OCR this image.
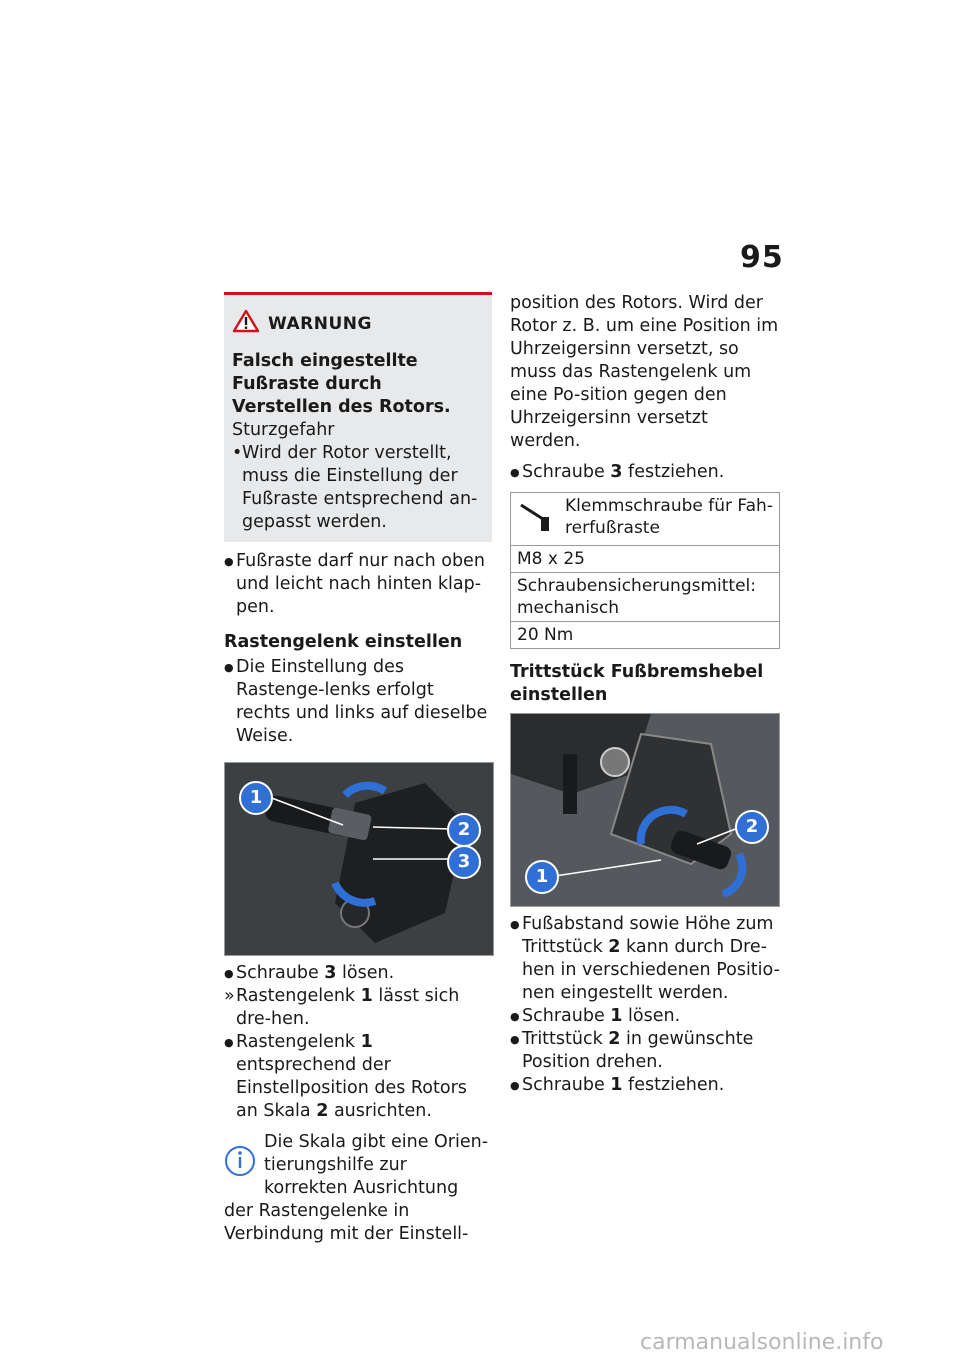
95
WARNUNG
Falsch eingestellte Fußraste durch Verstellen des Rotors.
Sturzgefahr

• Wird der Rotor verstellt, muss die Einstellung der Fußraste entsprechend an-gepasst werden.

● Fußraste darf nur nach oben und leicht nach hinten klap-pen.

Rastengelenk einstellen

● Die Einstellung des Rastenge-lenks erfolgt rechts und links auf dieselbe Weise.

1
2
3

● Schraube 3 lösen.

» Rastengelenk 1 lässt sich dre-hen.

● Rastengelenk 1 entsprechend der Einstellposition des Rotors an Skala 2 ausrichten.

Die Skala gibt eine Orien-tierungshilfe zur korrekten Ausrichtung der Rastengelenke in Verbindung mit der Einstell-

position des Rotors. Wird der Rotor z. B. um eine Position im Uhrzeigersinn versetzt, so muss das Rastengelenk um eine Po-sition gegen den Uhrzeigersinn versetzt werden.

● Schraube 3 festziehen.

Klemmschraube für Fah-rerfußraste
M8 x 25
Schraubensicherungsmittel: mechanisch
20 Nm
Trittstück Fußbremshebel einstellen
1
2

● Fußabstand sowie Höhe zum Trittstück 2 kann durch Dre-hen in verschiedenen Positio-nen eingestellt werden.

● Schraube 1 lösen.

● Trittstück 2 in gewünschte Position drehen.

● Schraube 1 festziehen.

carmanualsonline.info
